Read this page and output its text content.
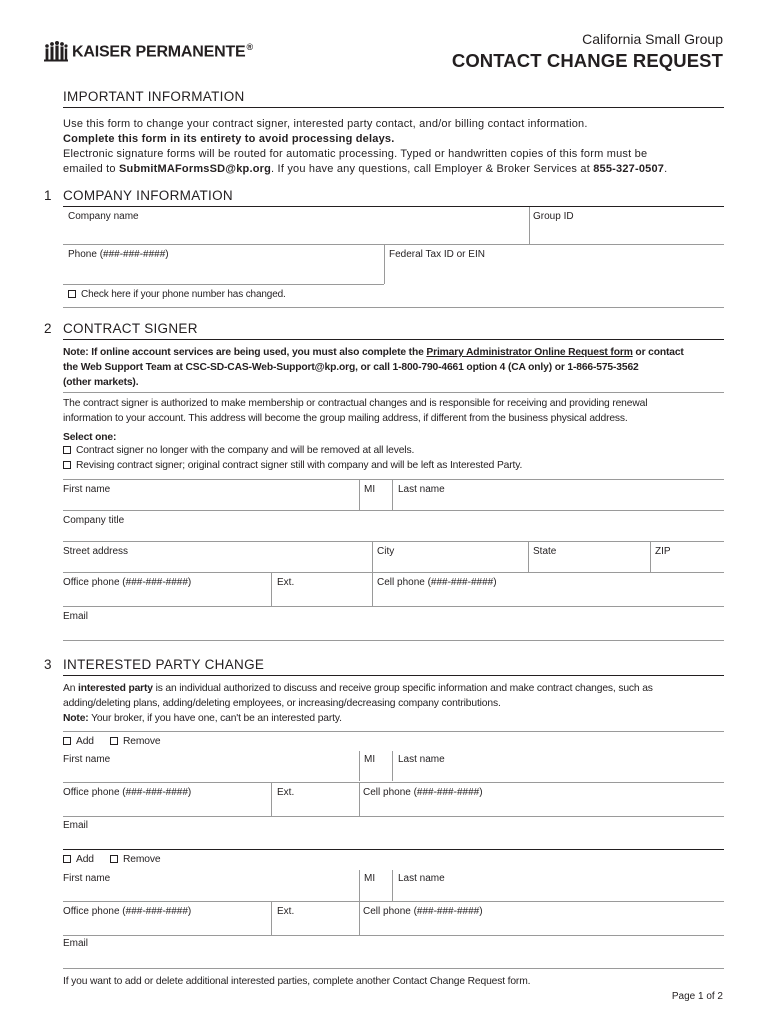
KAISER PERMANENTE®
California Small Group
CONTACT CHANGE REQUEST
IMPORTANT INFORMATION
Use this form to change your contract signer, interested party contact, and/or billing contact information.
Complete this form in its entirety to avoid processing delays.
Electronic signature forms will be routed for automatic processing. Typed or handwritten copies of this form must be
emailed to SubmitMAFormsSD@kp.org. If you have any questions, call Employer & Broker Services at 855-327-0507.
1 COMPANY INFORMATION
Company name	Group ID
Phone (###-###-####)	Federal Tax ID or EIN
Check here if your phone number has changed.
2 CONTRACT SIGNER
Note: If online account services are being used, you must also complete the Primary Administrator Online Request form or contact
the Web Support Team at CSC-SD-CAS-Web-Support@kp.org, or call 1-800-790-4661 option 4 (CA only) or 1-866-575-3562
(other markets).
The contract signer is authorized to make membership or contractual changes and is responsible for receiving and providing renewal
information to your account. This address will become the group mailing address, if different from the business physical address.
Select one:
Contract signer no longer with the company and will be removed at all levels.
Revising contract signer; original contract signer still with company and will be left as Interested Party.
First name	MI	Last name
Company title
Street address	City	State	ZIP
Office phone (###-###-####)	Ext.	Cell phone (###-###-####)
Email
3 INTERESTED PARTY CHANGE
An interested party is an individual authorized to discuss and receive group specific information and make contract changes, such as
adding/deleting plans, adding/deleting employees, or increasing/decreasing company contributions.
Note: Your broker, if you have one, can't be an interested party.
Add	Remove
First name	MI	Last name
Office phone (###-###-####)	Ext.	Cell phone (###-###-####)
Email
Add	Remove
First name	MI	Last name
Office phone (###-###-####)	Ext.	Cell phone (###-###-####)
Email
If you want to add or delete additional interested parties, complete another Contact Change Request form.
Page 1 of 2
